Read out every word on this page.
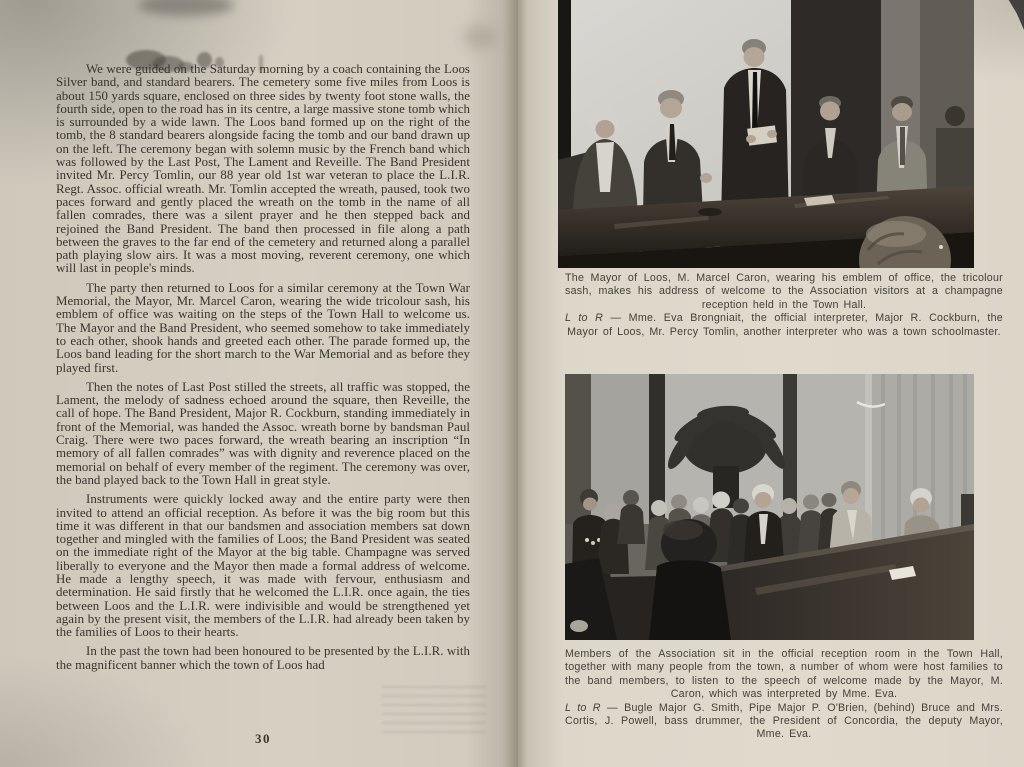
We were guided on the Saturday morning by a coach containing the Loos Silver band, and standard bearers. The cemetery some five miles from Loos is about 150 yards square, enclosed on three sides by twenty foot stone walls, the fourth side, open to the road has in its centre, a large massive stone tomb which is surrounded by a wide lawn. The Loos band formed up on the right of the tomb, the 8 standard bearers alongside facing the tomb and our band drawn up on the left. The ceremony began with solemn music by the French band which was followed by the Last Post, The Lament and Reveille. The Band President invited Mr. Percy Tomlin, our 88 year old 1st war veteran to place the L.I.R. Regt. Assoc. official wreath. Mr. Tomlin accepted the wreath, paused, took two paces forward and gently placed the wreath on the tomb in the name of all fallen comrades, there was a silent prayer and he then stepped back and rejoined the Band President. The band then processed in file along a path between the graves to the far end of the cemetery and returned along a parallel path playing slow airs. It was a most moving, reverent ceremony, one which will last in people's minds.

The party then returned to Loos for a similar ceremony at the Town War Memorial, the Mayor, Mr. Marcel Caron, wearing the wide tricolour sash, his emblem of office was waiting on the steps of the Town Hall to welcome us. The Mayor and the Band President, who seemed somehow to take immediately to each other, shook hands and greeted each other. The parade formed up, the Loos band leading for the short march to the War Memorial and as before they played first.

Then the notes of Last Post stilled the streets, all traffic was stopped, the Lament, the melody of sadness echoed around the square, then Reveille, the call of hope. The Band President, Major R. Cockburn, standing immediately in front of the Memorial, was handed the Assoc. wreath borne by bandsman Paul Craig. There were two paces forward, the wreath bearing an inscription “In memory of all fallen comrades” was with dignity and reverence placed on the memorial on behalf of every member of the regiment. The ceremony was over, the band played back to the Town Hall in great style.

Instruments were quickly locked away and the entire party were then invited to attend an official reception. As before it was the big room but this time it was different in that our bandsmen and association members sat down together and mingled with the families of Loos; the Band President was seated on the immediate right of the Mayor at the big table. Champagne was served liberally to everyone and the Mayor then made a formal address of welcome. He made a lengthy speech, it was made with fervour, enthusiasm and determination. He said firstly that he welcomed the L.I.R. once again, the ties between Loos and the L.I.R. were indivisible and would be strengthened yet again by the present visit, the members of the L.I.R. had already been taken by the families of Loos to their hearts.

In the past the town had been honoured to be presented by the L.I.R. with the magnificent banner which the town of Loos had

30

The Mayor of Loos, M. Marcel Caron, wearing his emblem of office, the tricolour sash, makes his address of welcome to the Association visitors at a champagne reception held in the Town Hall.

L to R — Mme. Eva Brongniait, the official interpreter, Major R. Cockburn, the Mayor of Loos, Mr. Percy Tomlin, another interpreter who was a town schoolmaster.

Members of the Association sit in the official reception room in the Town Hall, together with many people from the town, a number of whom were host families to the band members, to listen to the speech of welcome made by the Mayor, M. Caron, which was interpreted by Mme. Eva.

L to R — Bugle Major G. Smith, Pipe Major P. O'Brien, (behind) Bruce and Mrs. Cortis, J. Powell, bass drummer, the President of Concordia, the deputy Mayor, Mme. Eva.
